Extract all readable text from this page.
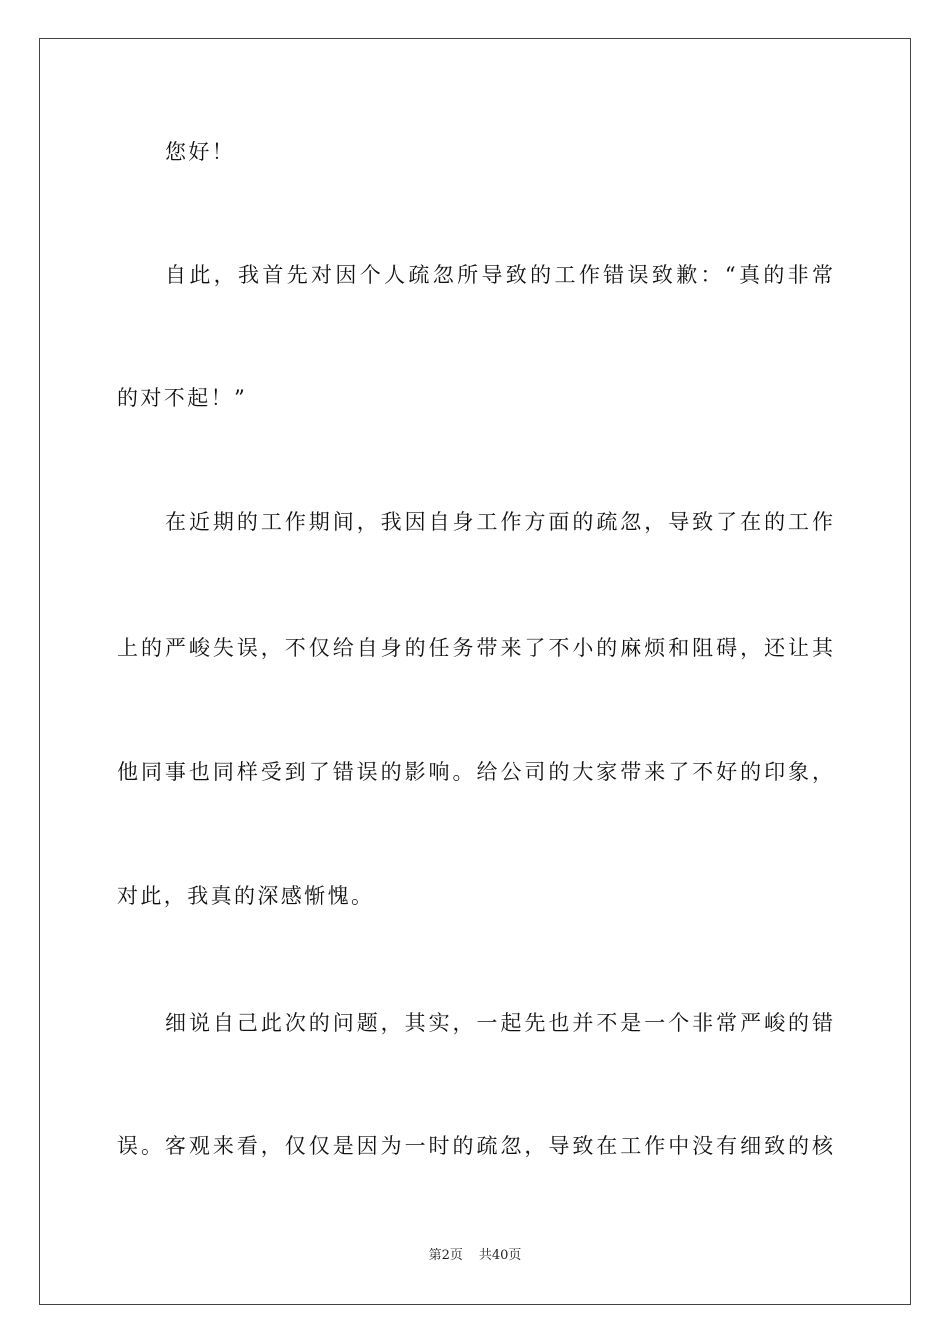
您好！
自此，我首先对因个人疏忽所导致的工作错误致歉：“真的非常
的对不起！”
在近期的工作期间，我因自身工作方面的疏忽，导致了在的工作
上的严峻失误，不仅给自身的任务带来了不小的麻烦和阻碍，还让其
他同事也同样受到了错误的影响。给公司的大家带来了不好的印象，
对此，我真的深感惭愧。
细说自己此次的问题，其实，一起先也并不是一个非常严峻的错
误。客观来看，仅仅是因为一时的疏忽，导致在工作中没有细致的核
第2页 共40页
